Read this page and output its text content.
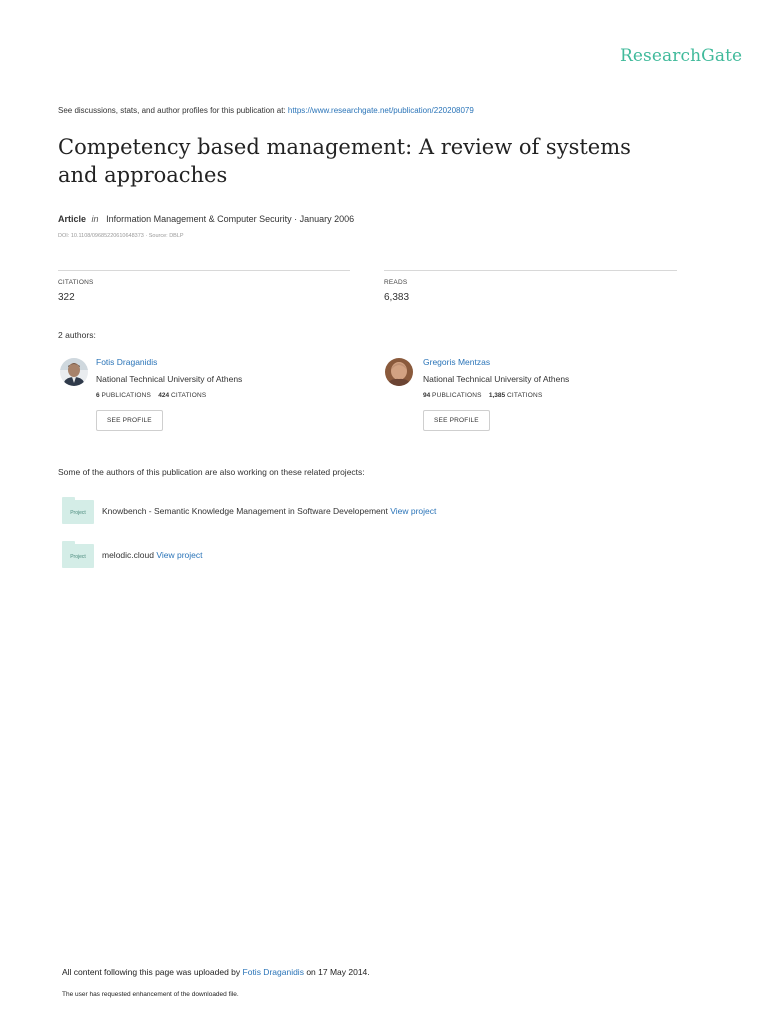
ResearchGate
See discussions, stats, and author profiles for this publication at: https://www.researchgate.net/publication/220208079
Competency based management: A review of systems and approaches
Article in Information Management & Computer Security · January 2006
DOI: 10.1108/09685220610648373 · Source: DBLP
CITATIONS
322
READS
6,383
2 authors:
Fotis Draganidis
National Technical University of Athens
6 PUBLICATIONS 424 CITATIONS
SEE PROFILE
Gregoris Mentzas
National Technical University of Athens
94 PUBLICATIONS 1,385 CITATIONS
SEE PROFILE
Some of the authors of this publication are also working on these related projects:
Project	Knowbench - Semantic Knowledge Management in Software Developement View project
Project	melodic.cloud View project
All content following this page was uploaded by Fotis Draganidis on 17 May 2014.
The user has requested enhancement of the downloaded file.
